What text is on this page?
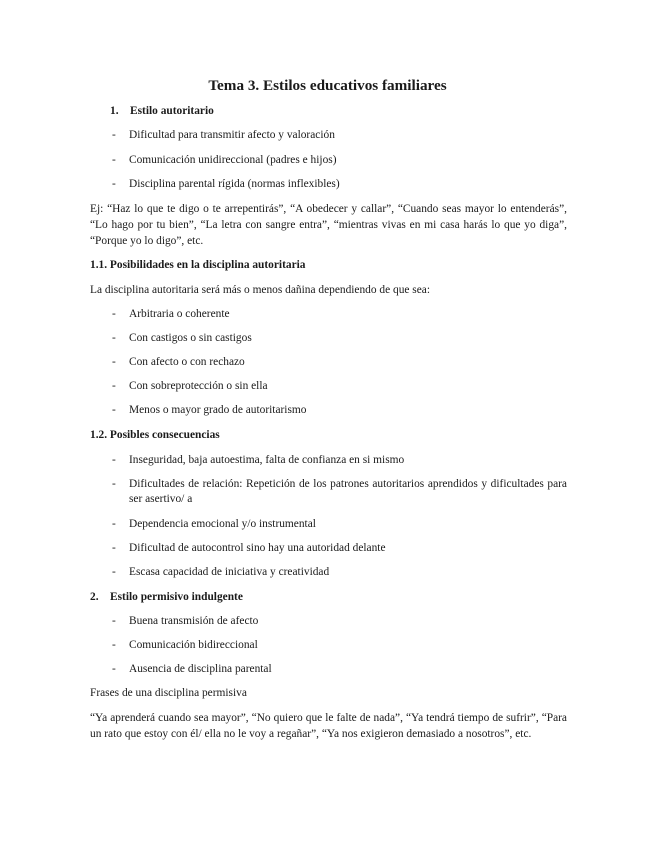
Tema 3. Estilos educativos familiares
1. Estilo autoritario
- Dificultad para transmitir afecto y valoración
- Comunicación unidireccional (padres e hijos)
- Disciplina parental rígida (normas inflexibles)
Ej: “Haz lo que te digo o te arrepentirás”, “A obedecer y callar”, “Cuando seas mayor lo entenderás”, “Lo hago por tu bien”, “La letra con sangre entra”, “mientras vivas en mi casa harás lo que yo diga”, “Porque yo lo digo”, etc.
1.1. Posibilidades en la disciplina autoritaria
La disciplina autoritaria será más o menos dañina dependiendo de que sea:
- Arbitraria o coherente
- Con castigos o sin castigos
- Con afecto o con rechazo
- Con sobreprotección o sin ella
- Menos o mayor grado de autoritarismo
1.2. Posibles consecuencias
- Inseguridad, baja autoestima, falta de confianza en si mismo
- Dificultades de relación: Repetición de los patrones autoritarios aprendidos y dificultades para ser asertivo/ a
- Dependencia emocional y/o instrumental
- Dificultad de autocontrol sino hay una autoridad delante
- Escasa capacidad de iniciativa y creatividad
2. Estilo permisivo indulgente
- Buena transmisión de afecto
- Comunicación bidireccional
- Ausencia de disciplina parental
Frases de una disciplina permisiva
“Ya aprenderá cuando sea mayor”, “No quiero que le falte de nada”, “Ya tendrá tiempo de sufrir”, “Para un rato que estoy con él/ ella no le voy a regañar”, “Ya nos exigieron demasiado a nosotros”, etc.
